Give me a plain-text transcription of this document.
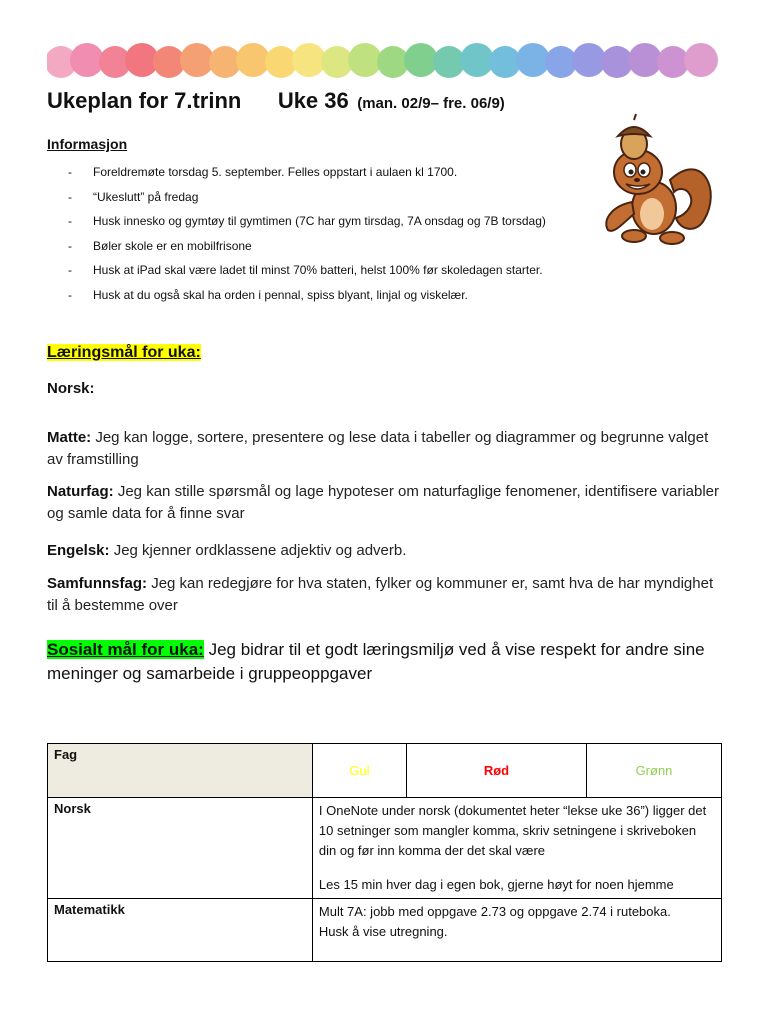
Ukeplan for 7.trinn Uke 36 (man. 02/9– fre. 06/9)
Informasjon
-	Foreldremøte torsdag 5. september. Felles oppstart i aulaen kl 1700.
-	“Ukeslutt” på fredag
-	Husk innesko og gymtøy til gymtimen (7C har gym tirsdag, 7A onsdag og 7B torsdag)
-	Bøler skole er en mobilfrisone
-	Husk at iPad skal være ladet til minst 70% batteri, helst 100% før skoledagen starter.
-	Husk at du også skal ha orden i pennal, spiss blyant, linjal og viskelær.
Læringsmål for uka:
Norsk:
Matte: Jeg kan logge, sortere, presentere og lese data i tabeller og diagrammer og begrunne valget av framstilling
Naturfag: Jeg kan stille spørsmål og lage hypoteser om naturfaglige fenomener, identifisere variabler og samle data for å finne svar
Engelsk: Jeg kjenner ordklassene adjektiv og adverb.
Samfunnsfag: Jeg kan redegjøre for hva staten, fylker og kommuner er, samt hva de har myndighet til å bestemme over
Sosialt mål for uka: Jeg bidrar til et godt læringsmiljø ved å vise respekt for andre sine meninger og samarbeide i gruppeoppgaver
Fag	Gul	Rød	Grønn
Norsk	I OneNote under norsk (dokumentet heter “lekse uke 36”) ligger det 10 setninger som mangler komma, skriv setningene i skriveboken din og før inn komma der det skal være

Les 15 min hver dag i egen bok, gjerne høyt for noen hjemme		

Matematikk	Mult 7A: jobb med oppgave 2.73 og oppgave 2.74 i ruteboka.

Husk å vise utregning.		
